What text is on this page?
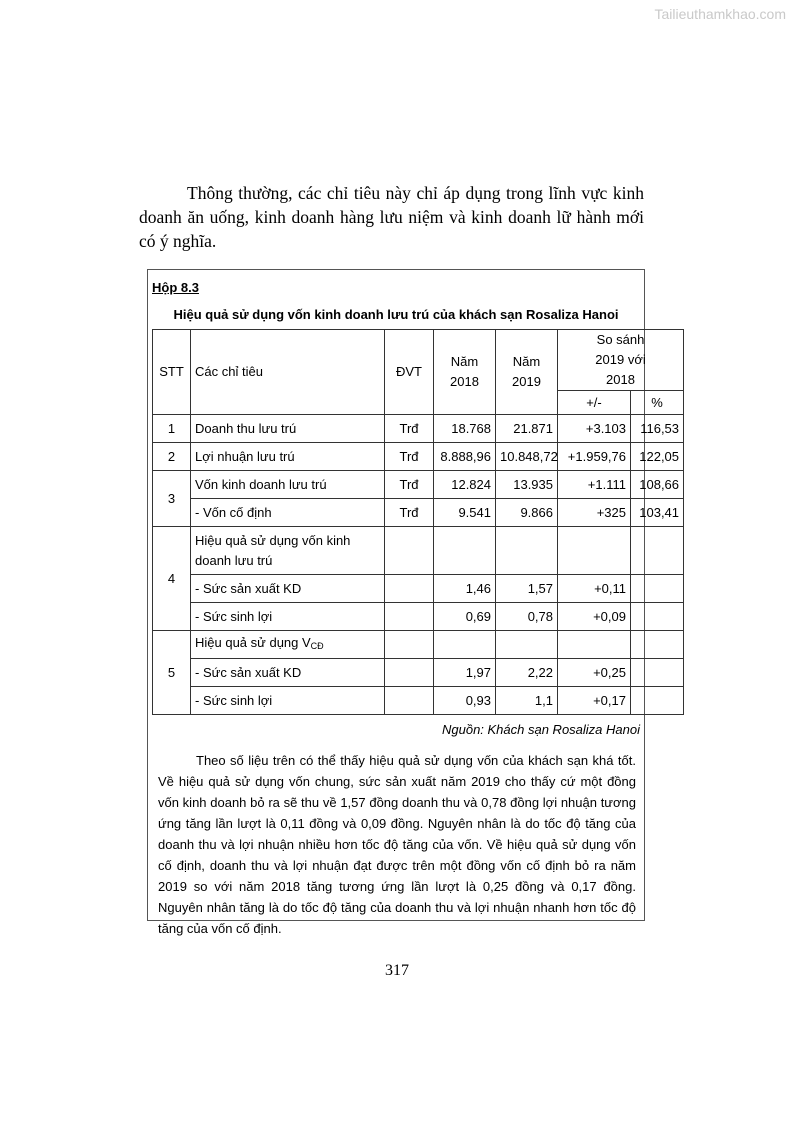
Tailieuthamkhao.com

Thông thường, các chỉ tiêu này chỉ áp dụng trong lĩnh vực kinh doanh ăn uống, kinh doanh hàng lưu niệm và kinh doanh lữ hành mới có ý nghĩa.

Hộp 8.3
Hiệu quả sử dụng vốn kinh doanh lưu trú của khách sạn Rosaliza Hanoi
STT	Các chỉ tiêu	ĐVT	Năm 2018	Năm 2019	So sánh 2019 với 2018	
					+/-	%
1	Doanh thu lưu trú	Trđ	18.768	21.871	+3.103	116,53
2	Lợi nhuận lưu trú	Trđ	8.888,96	10.848,72	+1.959,76	122,05
3	Vốn kinh doanh lưu trú	Trđ	12.824	13.935	+1.111	108,66
	- Vốn cố định	Trđ	9.541	9.866	+325	103,41
4	Hiệu quả sử dụng vốn kinh doanh lưu trú					
	- Sức sản xuất KD		1,46	1,57	+0,11	
	- Sức sinh lợi		0,69	0,78	+0,09	
5	Hiệu quả sử dụng $V_{CĐ}$					
	- Sức sản xuất KD		1,97	2,22	+0,25	
	- Sức sinh lợi		0,93	1,1	+0,17	
Nguồn: Khách sạn Rosaliza Hanoi

Theo số liệu trên có thể thấy hiệu quả sử dụng vốn của khách sạn khá tốt. Về hiệu quả sử dụng vốn chung, sức sản xuất năm 2019 cho thấy cứ một đồng vốn kinh doanh bỏ ra sẽ thu về 1,57 đồng doanh thu và 0,78 đồng lợi nhuận tương ứng tăng lần lượt là 0,11 đồng và 0,09 đồng. Nguyên nhân là do tốc độ tăng của doanh thu và lợi nhuận nhiều hơn tốc độ tăng của vốn. Về hiệu quả sử dụng vốn cố định, doanh thu và lợi nhuận đạt được trên một đồng vốn cố định bỏ ra năm 2019 so với năm 2018 tăng tương ứng lần lượt là 0,25 đồng và 0,17 đồng. Nguyên nhân tăng là do tốc độ tăng của doanh thu và lợi nhuận nhanh hơn tốc độ tăng của vốn cố định.

317
